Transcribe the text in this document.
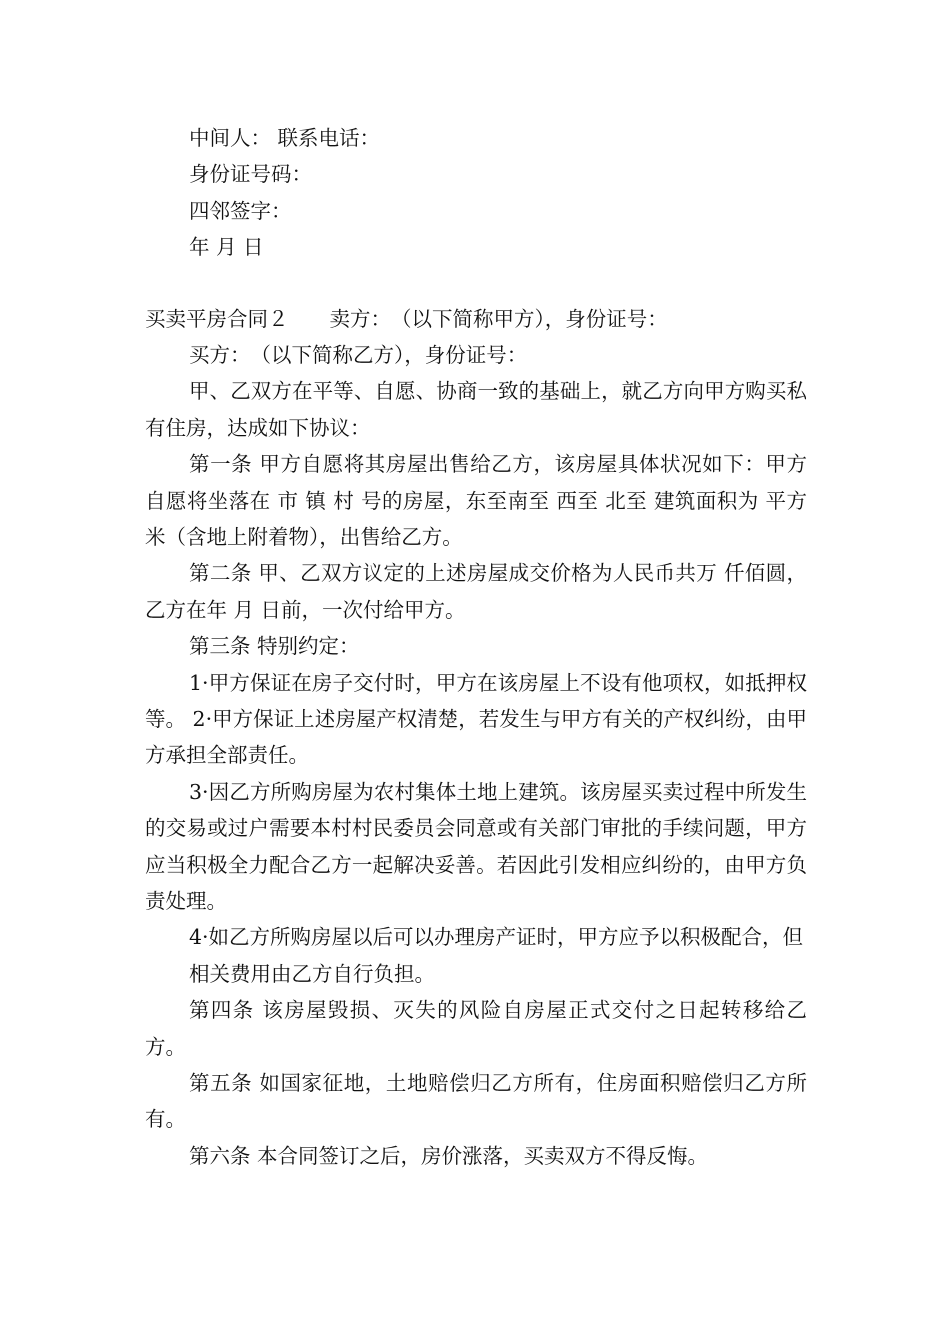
中间人： 联系电话：
身份证号码：
四邻签字：
年 月 日
买卖平房合同２　　卖方：　（以下简称甲方），身份证号：
买方：　（以下简称乙方），身份证号：
甲、乙双方在平等、自愿、协商一致的基础上，就乙方向甲方购买私有住房，达成如下协议：
第一条 甲方自愿将其房屋出售给乙方，该房屋具体状况如下：甲方自愿将坐落在 市 镇 村 号的房屋，东至南至 西至 北至 建筑面积为 平方米（含地上附着物），出售给乙方。
第二条 甲、乙双方议定的上述房屋成交价格为人民币共万 仟佰圆，乙方在年 月 日前，一次付给甲方。
第三条 特别约定：
1·甲方保证在房子交付时，甲方在该房屋上不设有他项权，如抵押权等。 2·甲方保证上述房屋产权清楚，若发生与甲方有关的产权纠纷，由甲方承担全部责任。
3·因乙方所购房屋为农村集体土地上建筑。该房屋买卖过程中所发生的交易或过户需要本村村民委员会同意或有关部门审批的手续问题，甲方应当积极全力配合乙方一起解决妥善。若因此引发相应纠纷的，由甲方负责处理。
4·如乙方所购房屋以后可以办理房产证时，甲方应予以积极配合，但
相关费用由乙方自行负担。
第四条 该房屋毁损、灭失的风险自房屋正式交付之日起转移给乙方。
第五条 如国家征地，土地赔偿归乙方所有，住房面积赔偿归乙方所有。
第六条 本合同签订之后，房价涨落，买卖双方不得反悔。
